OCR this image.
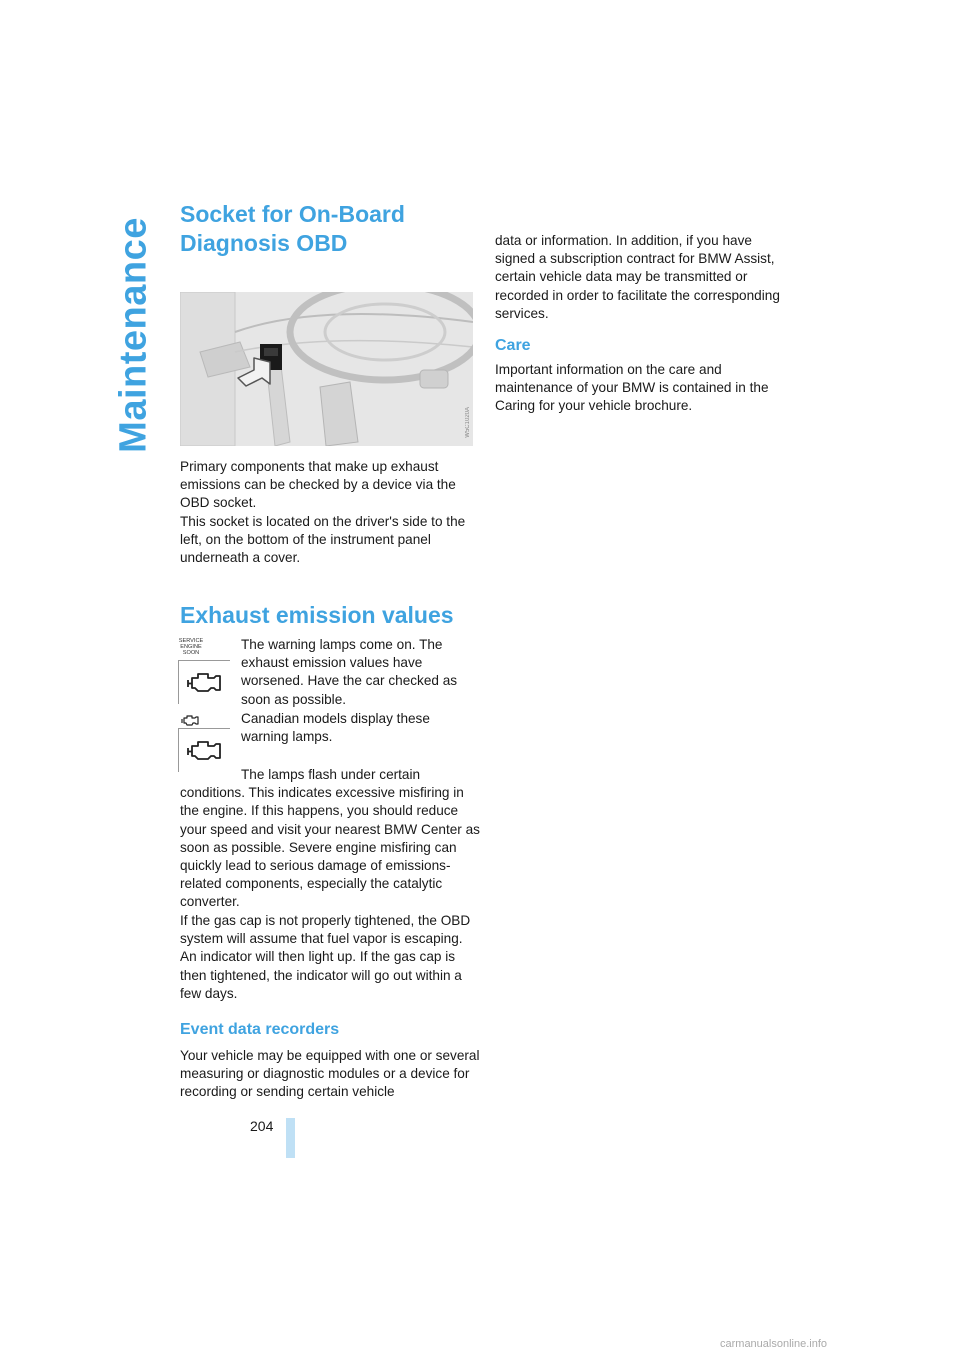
Maintenance
Socket for On-Board
Diagnosis OBD
W5C1020A

Primary components that make up exhaust emissions can be checked by a device via the OBD socket.

This socket is located on the driver's side to the left, on the bottom of the instrument panel underneath a cover.

Exhaust emission values
SERVICE
ENGINE
SOON

The warning lamps come on. The exhaust emission values have worsened. Have the car checked as soon as possible.

Canadian models display these warning lamps.

The lamps flash under certain conditions. This indicates excessive misfiring in the engine. If this happens, you should reduce your speed and visit your nearest BMW Center as soon as possible. Severe engine misfiring can quickly lead to serious damage of emissions-related components, especially the catalytic converter.

If the gas cap is not properly tightened, the OBD system will assume that fuel vapor is escaping. An indicator will then light up. If the gas cap is then tightened, the indicator will go out within a few days.

Event data recorders

Your vehicle may be equipped with one or several measuring or diagnostic modules or a device for recording or sending certain vehicle

Care

Important information on the care and maintenance of your BMW is contained in the Caring for your vehicle brochure.

204
carmanualsonline.info

data or information. In addition, if you have signed a subscription contract for BMW Assist, certain vehicle data may be transmitted or recorded in order to facilitate the corresponding services.
